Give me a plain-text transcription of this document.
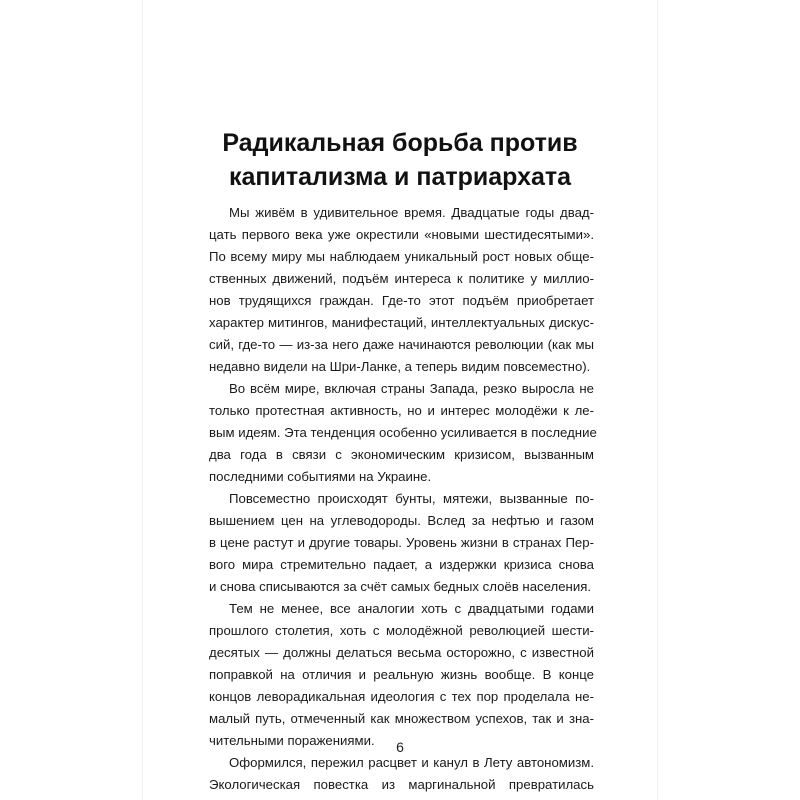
Радикальная борьба против
капитализма и патриархата

Мы живём в удивительное время. Двадцатые годы двад-
цать первого века уже окрестили «новыми шестидесятыми».
По всему миру мы наблюдаем уникальный рост новых обще-
ственных движений, подъём интереса к политике у миллио-
нов трудящихся граждан. Где-то этот подъём приобретает
характер митингов, манифестаций, интеллектуальных дискус-
сий, где-то — из-за него даже начинаются революции (как мы
недавно видели на Шри-Ланке, а теперь видим повсеместно).

Во всём мире, включая страны Запада, резко выросла не
только протестная активность, но и интерес молодёжи к ле-
вым идеям. Эта тенденция особенно усиливается в последние
два года в связи с экономическим кризисом, вызванным
последними событиями на Украине.

Повсеместно происходят бунты, мятежи, вызванные по-
вышением цен на углеводороды. Вслед за нефтью и газом
в цене растут и другие товары. Уровень жизни в странах Пер-
вого мира стремительно падает, а издержки кризиса снова
и снова списываются за счёт самых бедных слоёв населения.

Тем не менее, все аналогии хоть с двадцатыми годами
прошлого столетия, хоть с молодёжной революцией шести-
десятых — должны делаться весьма осторожно, с известной
поправкой на отличия и реальную жизнь вообще. В конце
концов леворадикальная идеология с тех пор проделала не-
малый путь, отмеченный как множеством успехов, так и зна-
чительными поражениями.

Оформился, пережил расцвет и канул в Лету автономизм.
Экологическая повестка из маргинальной превратилась

6
